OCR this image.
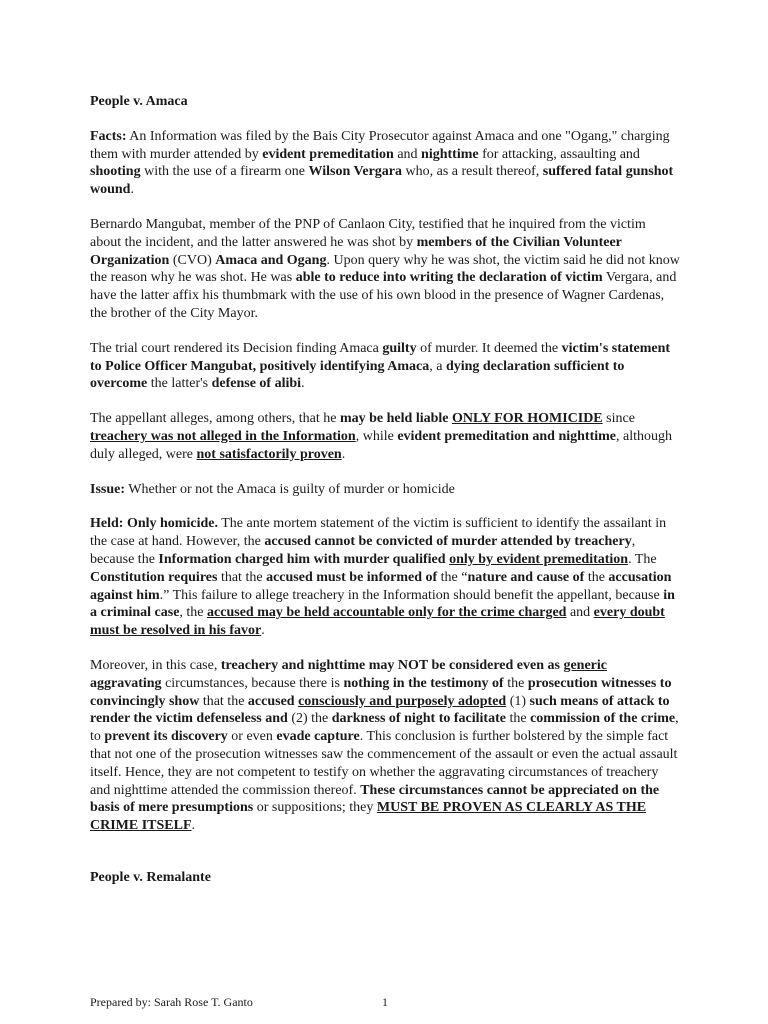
People v. Amaca

Facts: An Information was filed by the Bais City Prosecutor against Amaca and one "Ogang," charging them with murder attended by evident premeditation and nighttime for attacking, assaulting and shooting with the use of a firearm one Wilson Vergara who, as a result thereof, suffered fatal gunshot wound.

Bernardo Mangubat, member of the PNP of Canlaon City, testified that he inquired from the victim about the incident, and the latter answered he was shot by members of the Civilian Volunteer Organization (CVO) Amaca and Ogang. Upon query why he was shot, the victim said he did not know the reason why he was shot. He was able to reduce into writing the declaration of victim Vergara, and have the latter affix his thumbmark with the use of his own blood in the presence of Wagner Cardenas, the brother of the City Mayor.

The trial court rendered its Decision finding Amaca guilty of murder. It deemed the victim's statement to Police Officer Mangubat, positively identifying Amaca, a dying declaration sufficient to overcome the latter's defense of alibi.

The appellant alleges, among others, that he may be held liable ONLY FOR HOMICIDE since treachery was not alleged in the Information, while evident premeditation and nighttime, although duly alleged, were not satisfactorily proven.

Issue: Whether or not the Amaca is guilty of murder or homicide

Held: Only homicide. The ante mortem statement of the victim is sufficient to identify the assailant in the case at hand. However, the accused cannot be convicted of murder attended by treachery, because the Information charged him with murder qualified only by evident premeditation. The Constitution requires that the accused must be informed of the “nature and cause of the accusation against him.” This failure to allege treachery in the Information should benefit the appellant, because in a criminal case, the accused may be held accountable only for the crime charged and every doubt must be resolved in his favor.

Moreover, in this case, treachery and nighttime may NOT be considered even as generic aggravating circumstances, because there is nothing in the testimony of the prosecution witnesses to convincingly show that the accused consciously and purposely adopted (1) such means of attack to render the victim defenseless and (2) the darkness of night to facilitate the commission of the crime, to prevent its discovery or even evade capture. This conclusion is further bolstered by the simple fact that not one of the prosecution witnesses saw the commencement of the assault or even the actual assault itself. Hence, they are not competent to testify on whether the aggravating circumstances of treachery and nighttime attended the commission thereof. These circumstances cannot be appreciated on the basis of mere presumptions or suppositions; they MUST BE PROVEN AS CLEARLY AS THE CRIME ITSELF.

People v. Remalante
Prepared by: Sarah Rose T. Ganto	1
